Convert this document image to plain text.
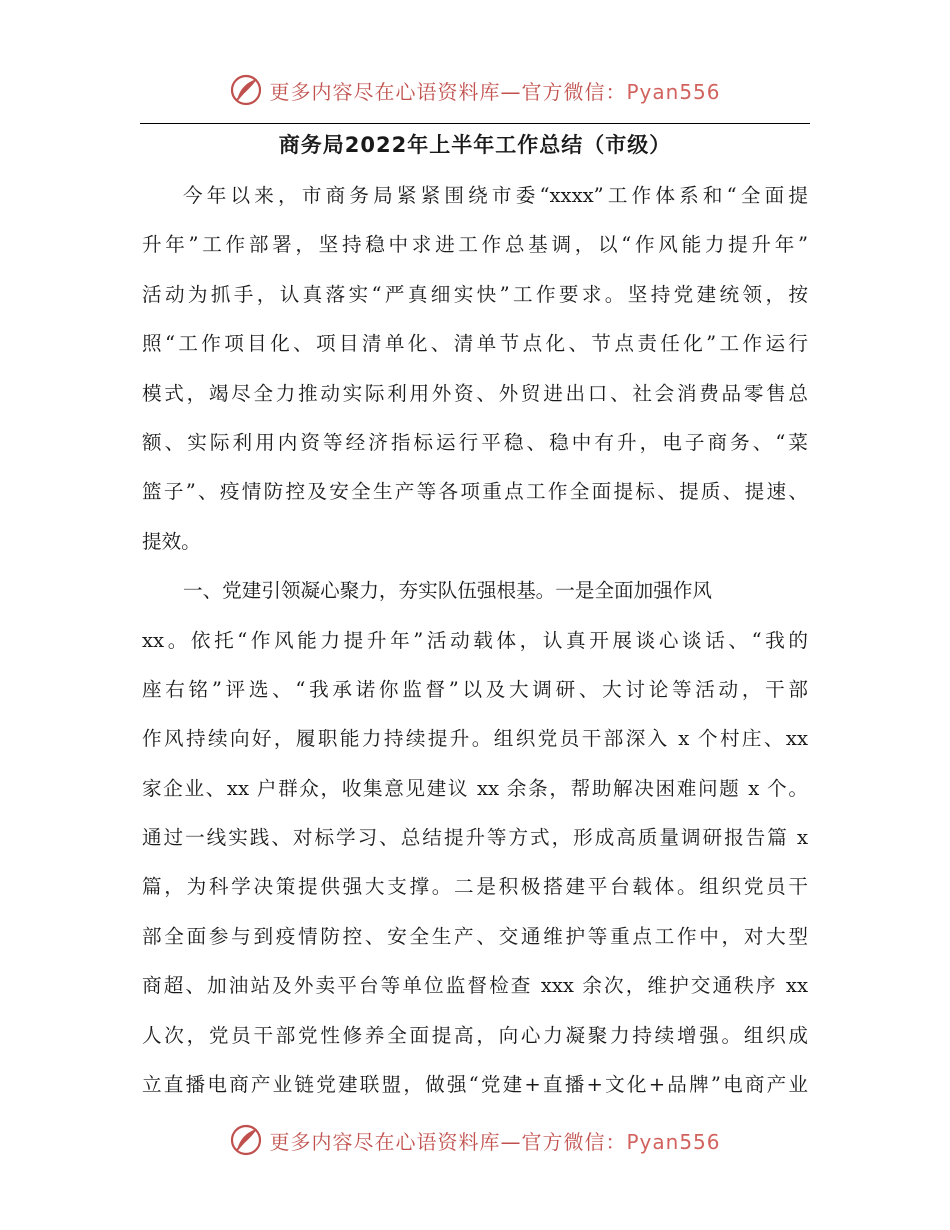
更多内容尽在心语资料库—官方微信：Pyan556
商务局2022年上半年工作总结（市级）
今年以来，市商务局紧紧围绕市委“xxxx”工作体系和“全面提
升年”工作部署，坚持稳中求进工作总基调，以“作风能力提升年”
活动为抓手，认真落实“严真细实快”工作要求。坚持党建统领，按
照“工作项目化、项目清单化、清单节点化、节点责任化”工作运行
模式，竭尽全力推动实际利用外资、外贸进出口、社会消费品零售总
额、实际利用内资等经济指标运行平稳、稳中有升，电子商务、“菜
篮子”、疫情防控及安全生产等各项重点工作全面提标、提质、提速、
提效。
一、党建引领凝心聚力，夯实队伍强根基。一是全面加强作风
xx。依托“作风能力提升年”活动载体，认真开展谈心谈话、“我的
座右铭”评选、“我承诺你监督”以及大调研、大讨论等活动，干部
作风持续向好，履职能力持续提升。组织党员干部深入 x 个村庄、xx
家企业、xx 户群众，收集意见建议 xx 余条，帮助解决困难问题 x 个。
通过一线实践、对标学习、总结提升等方式，形成高质量调研报告篇 x
篇，为科学决策提供强大支撑。二是积极搭建平台载体。组织党员干
部全面参与到疫情防控、安全生产、交通维护等重点工作中，对大型
商超、加油站及外卖平台等单位监督检查 xxx 余次，维护交通秩序 xx
人次，党员干部党性修养全面提高，向心力凝聚力持续增强。组织成
立直播电商产业链党建联盟，做强“党建+直播+文化+品牌”电商产业
更多内容尽在心语资料库—官方微信：Pyan556
